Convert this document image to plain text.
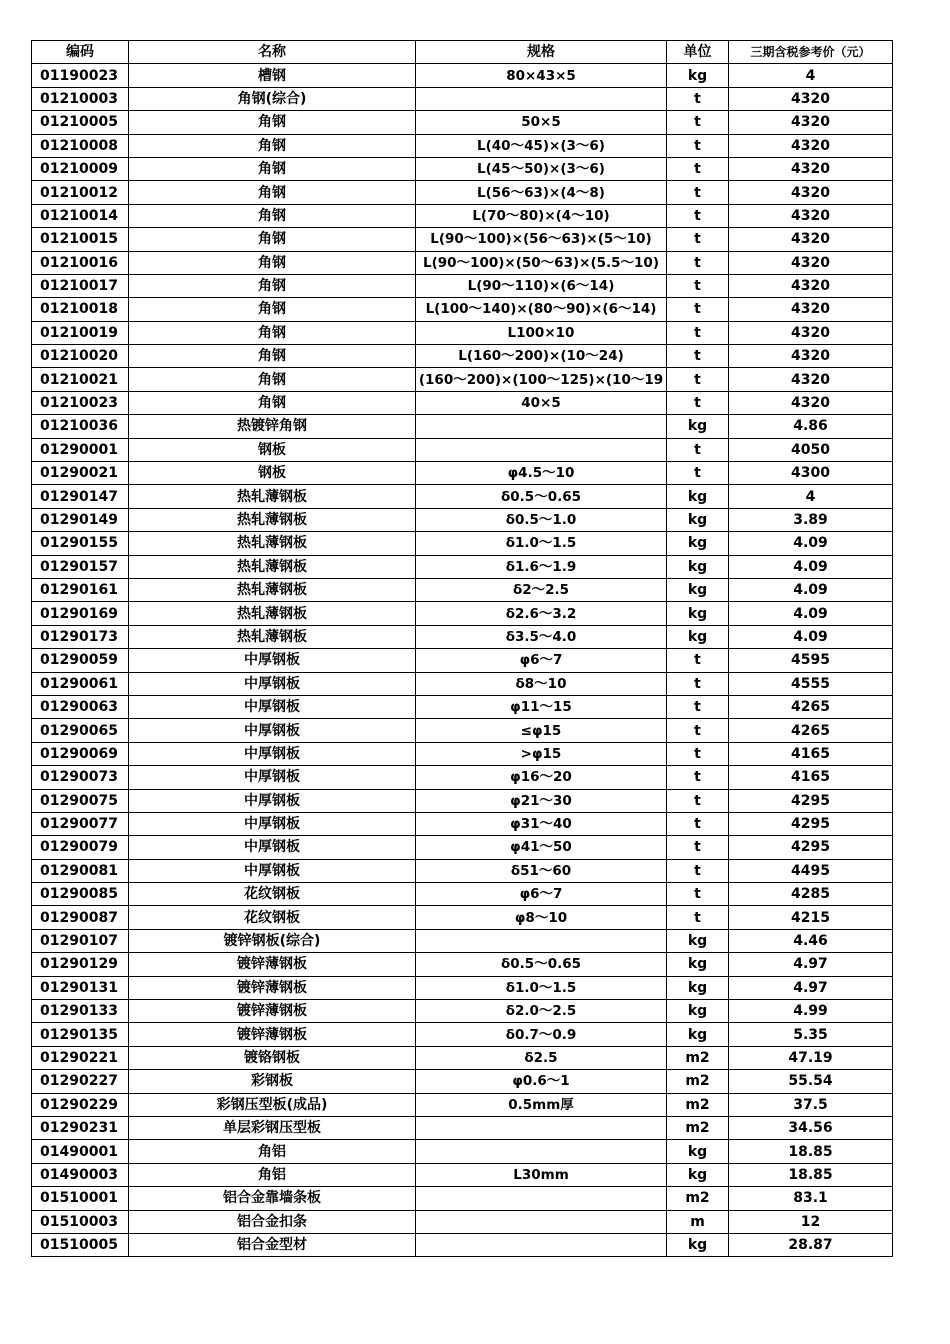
编码	名称	规格	单位	三期含税参考价（元）
01190023	槽钢	80×43×5	kg	4
01210003	角钢(综合)		t	4320
01210005	角钢	50×5	t	4320
01210008	角钢	L(40～45)×(3～6)	t	4320
01210009	角钢	L(45～50)×(3～6)	t	4320
01210012	角钢	L(56～63)×(4～8)	t	4320
01210014	角钢	L(70～80)×(4～10)	t	4320
01210015	角钢	L(90～100)×(56～63)×(5～10)	t	4320
01210016	角钢	L(90～100)×(50～63)×(5.5～10)	t	4320
01210017	角钢	L(90～110)×(6～14)	t	4320
01210018	角钢	L(100～140)×(80～90)×(6～14)	t	4320
01210019	角钢	L100×10	t	4320
01210020	角钢	L(160～200)×(10～24)	t	4320
01210021	角钢	(160～200)×(100～125)×(10～19	t	4320
01210023	角钢	40×5	t	4320
01210036	热镀锌角钢		kg	4.86
01290001	钢板		t	4050
01290021	钢板	φ4.5～10	t	4300
01290147	热轧薄钢板	δ0.5～0.65	kg	4
01290149	热轧薄钢板	δ0.5～1.0	kg	3.89
01290155	热轧薄钢板	δ1.0～1.5	kg	4.09
01290157	热轧薄钢板	δ1.6～1.9	kg	4.09
01290161	热轧薄钢板	δ2～2.5	kg	4.09
01290169	热轧薄钢板	δ2.6～3.2	kg	4.09
01290173	热轧薄钢板	δ3.5～4.0	kg	4.09
01290059	中厚钢板	φ6～7	t	4595
01290061	中厚钢板	δ8～10	t	4555
01290063	中厚钢板	φ11～15	t	4265
01290065	中厚钢板	≤φ15	t	4265
01290069	中厚钢板	>φ15	t	4165
01290073	中厚钢板	φ16～20	t	4165
01290075	中厚钢板	φ21～30	t	4295
01290077	中厚钢板	φ31～40	t	4295
01290079	中厚钢板	φ41～50	t	4295
01290081	中厚钢板	δ51～60	t	4495
01290085	花纹钢板	φ6～7	t	4285
01290087	花纹钢板	φ8～10	t	4215
01290107	镀锌钢板(综合)		kg	4.46
01290129	镀锌薄钢板	δ0.5～0.65	kg	4.97
01290131	镀锌薄钢板	δ1.0～1.5	kg	4.97
01290133	镀锌薄钢板	δ2.0～2.5	kg	4.99
01290135	镀锌薄钢板	δ0.7～0.9	kg	5.35
01290221	镀铬钢板	δ2.5	m2	47.19
01290227	彩钢板	φ0.6～1	m2	55.54
01290229	彩钢压型板(成品)	0.5mm厚	m2	37.5
01290231	单层彩钢压型板		m2	34.56
01490001	角铝		kg	18.85
01490003	角铝	L30mm	kg	18.85
01510001	铝合金靠墙条板		m2	83.1
01510003	铝合金扣条		m	12
01510005	铝合金型材		kg	28.87
